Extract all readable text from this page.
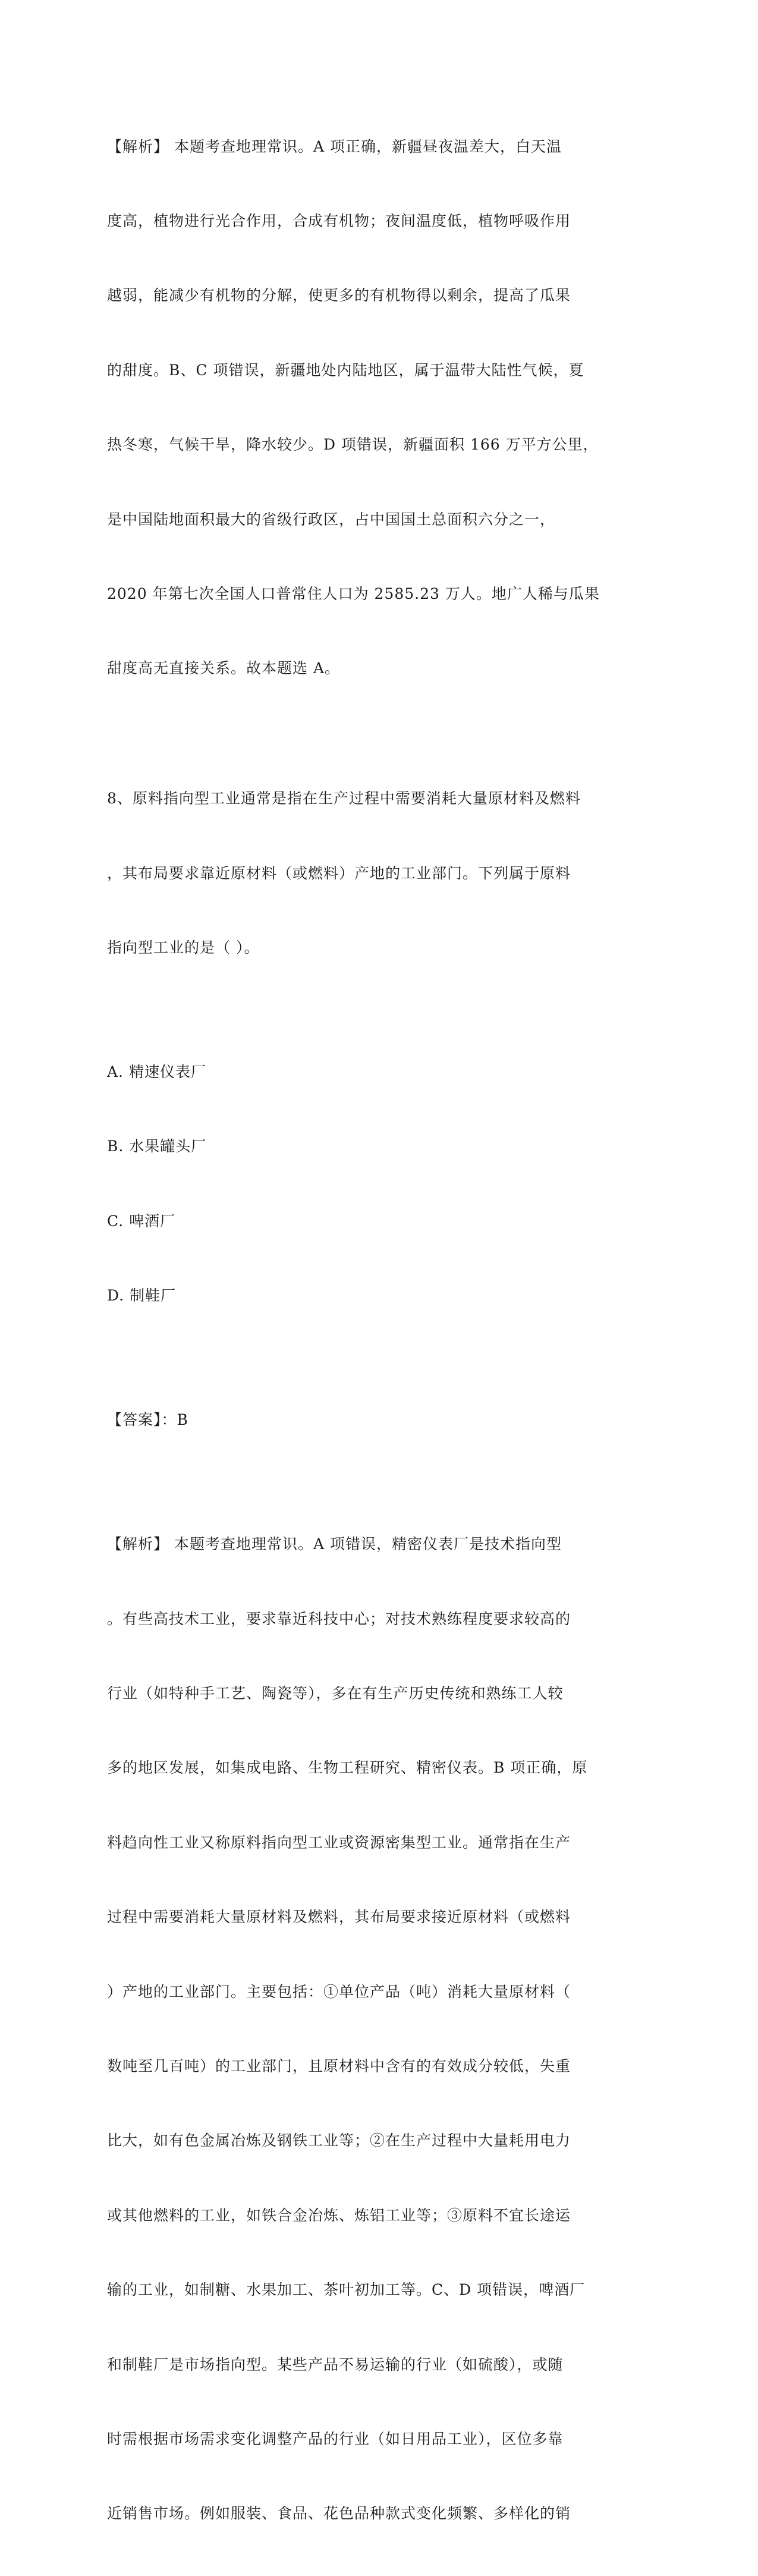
【解析】 本题考查地理常识。A 项正确，新疆昼夜温差大，白天温

度高，植物进行光合作用，合成有机物；夜间温度低，植物呼吸作用

越弱，能减少有机物的分解，使更多的有机物得以剩余，提高了瓜果

的甜度。B、C 项错误，新疆地处内陆地区，属于温带大陆性气候，夏

热冬寒，气候干旱，降水较少。D 项错误，新疆面积 166 万平方公里，

是中国陆地面积最大的省级行政区，占中国国土总面积六分之一，

2020 年第七次全国人口普常住人口为 2585.23 万人。地广人稀与瓜果

甜度高无直接关系。故本题选 A。

8、原料指向型工业通常是指在生产过程中需要消耗大量原材料及燃料

，其布局要求靠近原材料（或燃料）产地的工业部门。下列属于原料

指向型工业的是（ ）。

A. 精速仪表厂

B. 水果罐头厂

C. 啤酒厂

D. 制鞋厂

【答案】：B

【解析】 本题考查地理常识。A 项错误，精密仪表厂是技术指向型

。有些高技术工业，要求靠近科技中心；对技术熟练程度要求较高的

行业（如特种手工艺、陶瓷等），多在有生产历史传统和熟练工人较

多的地区发展，如集成电路、生物工程研究、精密仪表。B 项正确，原

料趋向性工业又称原料指向型工业或资源密集型工业。通常指在生产

过程中需要消耗大量原材料及燃料，其布局要求接近原材料（或燃料

）产地的工业部门。主要包括：①单位产品（吨）消耗大量原材料（

数吨至几百吨）的工业部门，且原材料中含有的有效成分较低，失重

比大，如有色金属冶炼及钢铁工业等；②在生产过程中大量耗用电力

或其他燃料的工业，如铁合金冶炼、炼铝工业等；③原料不宜长途运

输的工业，如制糖、水果加工、茶叶初加工等。C、D 项错误，啤酒厂

和制鞋厂是市场指向型。某些产品不易运输的行业（如硫酸），或随

时需根据市场需求变化调整产品的行业（如日用品工业），区位多靠

近销售市场。例如服装、食品、花色品种款式变化频繁、多样化的销
